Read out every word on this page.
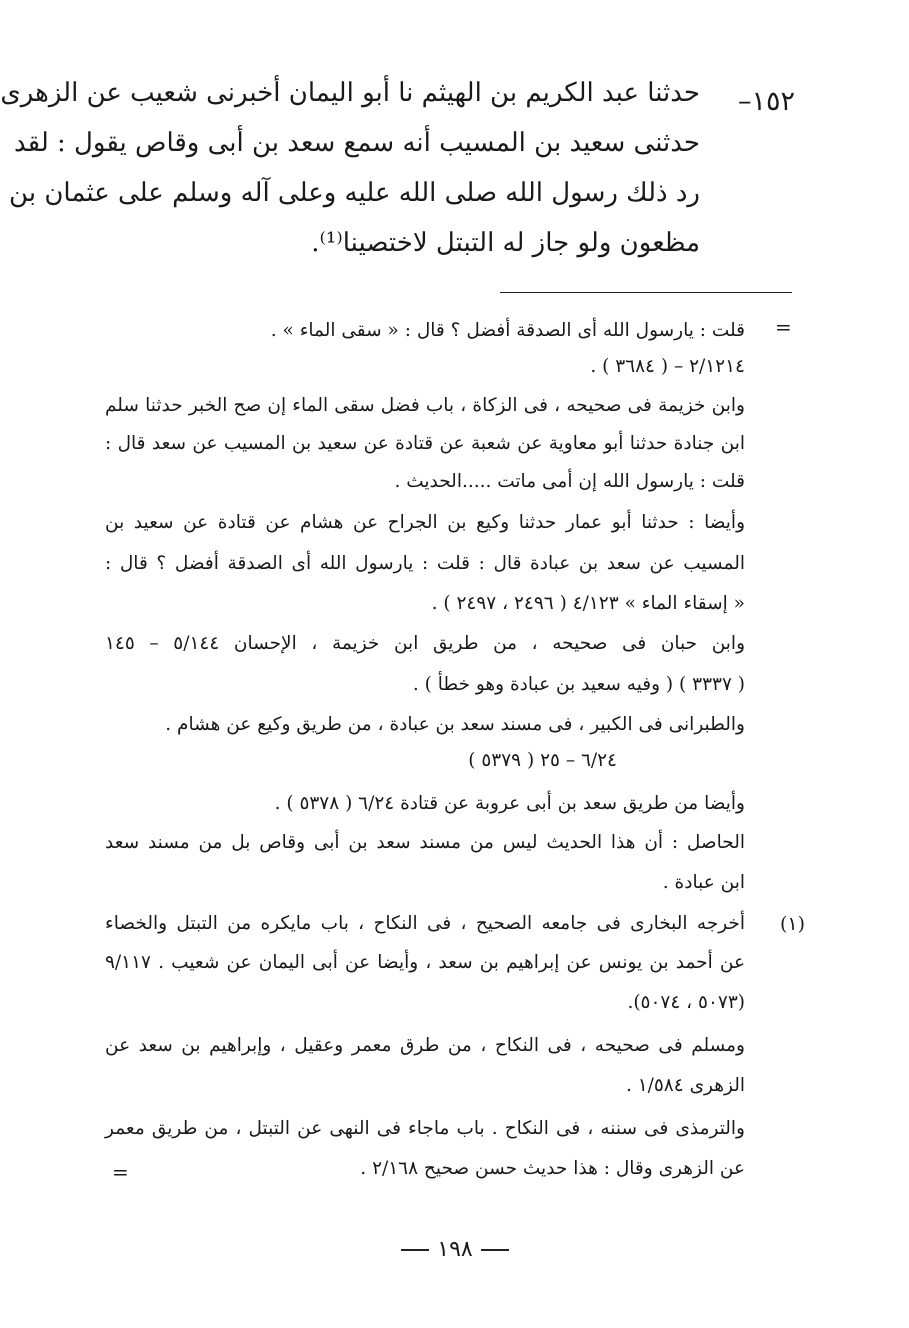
١٥٢–
حدثنا عبد الكريم بن الهيثم نا أبو اليمان أخبرنى شعيب عن الزهرى
حدثنى سعيد بن المسيب أنه سمع سعد بن أبى وقاص يقول : لقد
رد ذلك رسول الله صلى الله عليه وعلى آله وسلم على عثمان بن
مظعون ولو جاز له التبتل لاختصينا⁽¹⁾.
=
قلت : يارسول الله أى الصدقة أفضل ؟ قال : « سقى الماء » .
٢/١٢١٤ – ( ٣٦٨٤ ) .
وابن خزيمة فى صحيحه ، فى الزكاة ، باب فضل سقى الماء إن صح الخبر حدثنا سلم
ابن جنادة حدثنا أبو معاوية عن شعبة عن قتادة عن سعيد بن المسيب عن سعد قال :
قلت : يارسول الله إن أمى ماتت .....الحديث .
وأيضا : حدثنا أبو عمار حدثنا وكيع بن الجراح عن هشام عن قتادة عن سعيد بن
المسيب عن سعد بن عبادة قال : قلت : يارسول الله أى الصدقة أفضل ؟ قال :
« إسقاء الماء » ٤/١٢٣ ( ٢٤٩٦ ، ٢٤٩٧ ) .
وابن حبان فى صحيحه ، من طريق ابن خزيمة ، الإحسان ٥/١٤٤ – ١٤٥
( ٣٣٣٧ ) ( وفيه سعيد بن عبادة وهو خطأ ) .
والطبرانى فى الكبير ، فى مسند سعد بن عبادة ، من طريق وكيع عن هشام .
٦/٢٤ – ٢٥ ( ٥٣٧٩ )
وأيضا من طريق سعد بن أبى عروبة عن قتادة ٦/٢٤ ( ٥٣٧٨ ) .
الحاصل : أن هذا الحديث ليس من مسند سعد بن أبى وقاص بل من مسند سعد
ابن عبادة .
(١)
أخرجه البخارى فى جامعه الصحيح ، فى النكاح ، باب مايكره من التبتل والخصاء
عن أحمد بن يونس عن إبراهيم بن سعد ، وأيضا عن أبى اليمان عن شعيب . ٩/١١٧
(٥٠٧٣ ، ٥٠٧٤).
ومسلم فى صحيحه ، فى النكاح ، من طرق معمر وعقيل ، وإبراهيم بن سعد عن
الزهرى ١/٥٨٤ .
والترمذى فى سننه ، فى النكاح . باب ماجاء فى النهى عن التبتل ، من طريق معمر
عن الزهرى وقال : هذا حديث حسن صحيح ٢/١٦٨ .
=
١٩٨
